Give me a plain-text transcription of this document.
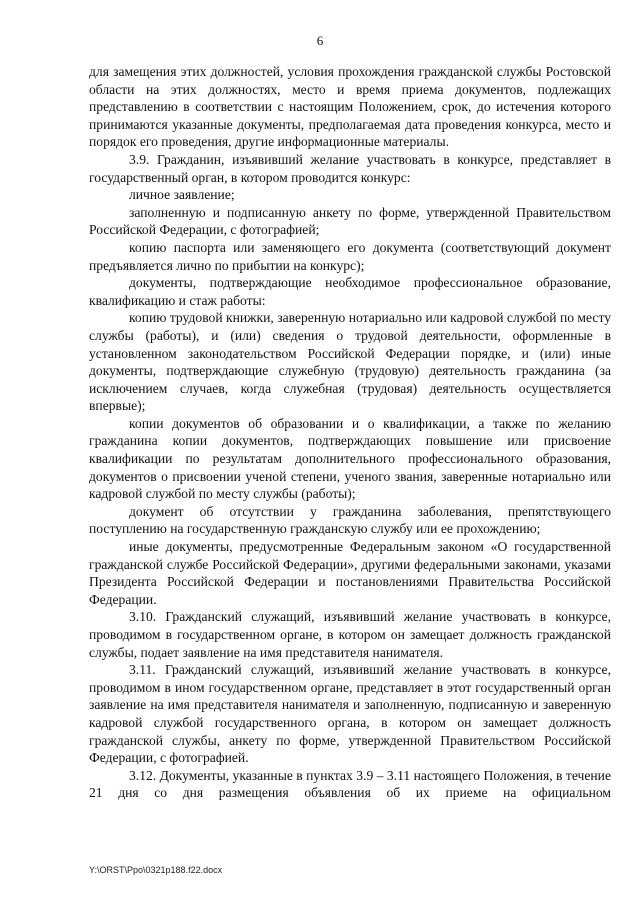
6

для замещения этих должностей, условия прохождения гражданской службы Ростовской области на этих должностях, место и время приема документов, подлежащих представлению в соответствии с настоящим Положением, срок, до истечения которого принимаются указанные документы, предполагаемая дата проведения конкурса, место и порядок его проведения, другие информационные материалы.

3.9. Гражданин, изъявивший желание участвовать в конкурсе, представляет в государственный орган, в котором проводится конкурс:

личное заявление;

заполненную и подписанную анкету по форме, утвержденной Правительством Российской Федерации, с фотографией;

копию паспорта или заменяющего его документа (соответствующий документ предъявляется лично по прибытии на конкурс);

документы, подтверждающие необходимое профессиональное образование, квалификацию и стаж работы:

копию трудовой книжки, заверенную нотариально или кадровой службой по месту службы (работы), и (или) сведения о трудовой деятельности, оформленные в установленном законодательством Российской Федерации порядке, и (или) иные документы, подтверждающие служебную (трудовую) деятельность гражданина (за исключением случаев, когда служебная (трудовая) деятельность осуществляется впервые);

копии документов об образовании и о квалификации, а также по желанию гражданина копии документов, подтверждающих повышение или присвоение квалификации по результатам дополнительного профессионального образования, документов о присвоении ученой степени, ученого звания, заверенные нотариально или кадровой службой по месту службы (работы);

документ об отсутствии у гражданина заболевания, препятствующего поступлению на государственную гражданскую службу или ее прохождению;

иные документы, предусмотренные Федеральным законом «О государственной гражданской службе Российской Федерации», другими федеральными законами, указами Президента Российской Федерации и постановлениями Правительства Российской Федерации.

3.10. Гражданский служащий, изъявивший желание участвовать в конкурсе, проводимом в государственном органе, в котором он замещает должность гражданской службы, подает заявление на имя представителя нанимателя.

3.11. Гражданский служащий, изъявивший желание участвовать в конкурсе, проводимом в ином государственном органе, представляет в этот государственный орган заявление на имя представителя нанимателя и заполненную, подписанную и заверенную кадровой службой государственного органа, в котором он замещает должность гражданской службы, анкету по форме, утвержденной Правительством Российской Федерации, с фотографией.

3.12. Документы, указанные в пунктах 3.9 – 3.11 настоящего Положения, в течение 21 дня со дня размещения объявления об их приеме на официальном

Y:\ORST\Ppo\0321p188.f22.docx
